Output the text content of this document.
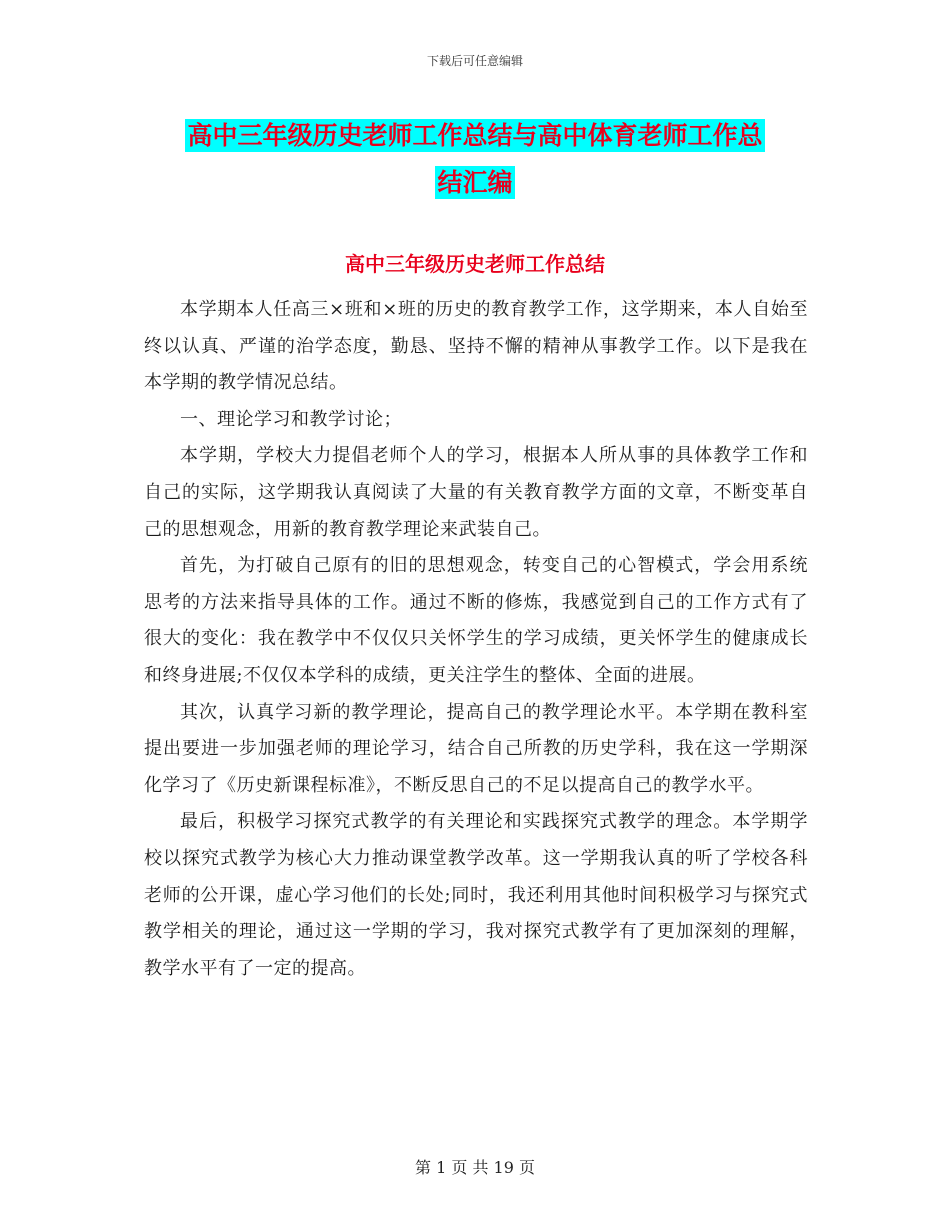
下载后可任意编辑
高中三年级历史老师工作总结与高中体育老师工作总
结汇编
高中三年级历史老师工作总结

本学期本人任高三×班和×班的历史的教育教学工作，这学期来，本人自始至终以认真、严谨的治学态度，勤恳、坚持不懈的精神从事教学工作。以下是我在本学期的教学情况总结。

一、理论学习和教学讨论；

本学期，学校大力提倡老师个人的学习，根据本人所从事的具体教学工作和自己的实际，这学期我认真阅读了大量的有关教育教学方面的文章，不断变革自己的思想观念，用新的教育教学理论来武装自己。

首先，为打破自己原有的旧的思想观念，转变自己的心智模式，学会用系统思考的方法来指导具体的工作。通过不断的修炼，我感觉到自己的工作方式有了很大的变化：我在教学中不仅仅只关怀学生的学习成绩，更关怀学生的健康成长和终身进展;不仅仅本学科的成绩，更关注学生的整体、全面的进展。

其次，认真学习新的教学理论，提高自己的教学理论水平。本学期在教科室提出要进一步加强老师的理论学习，结合自己所教的历史学科，我在这一学期深化学习了《历史新课程标准》，不断反思自己的不足以提高自己的教学水平。

最后，积极学习探究式教学的有关理论和实践探究式教学的理念。本学期学校以探究式教学为核心大力推动课堂教学改革。这一学期我认真的听了学校各科老师的公开课，虚心学习他们的长处;同时，我还利用其他时间积极学习与探究式教学相关的理论，通过这一学期的学习，我对探究式教学有了更加深刻的理解，教学水平有了一定的提高。

第 1 页 共 19 页
